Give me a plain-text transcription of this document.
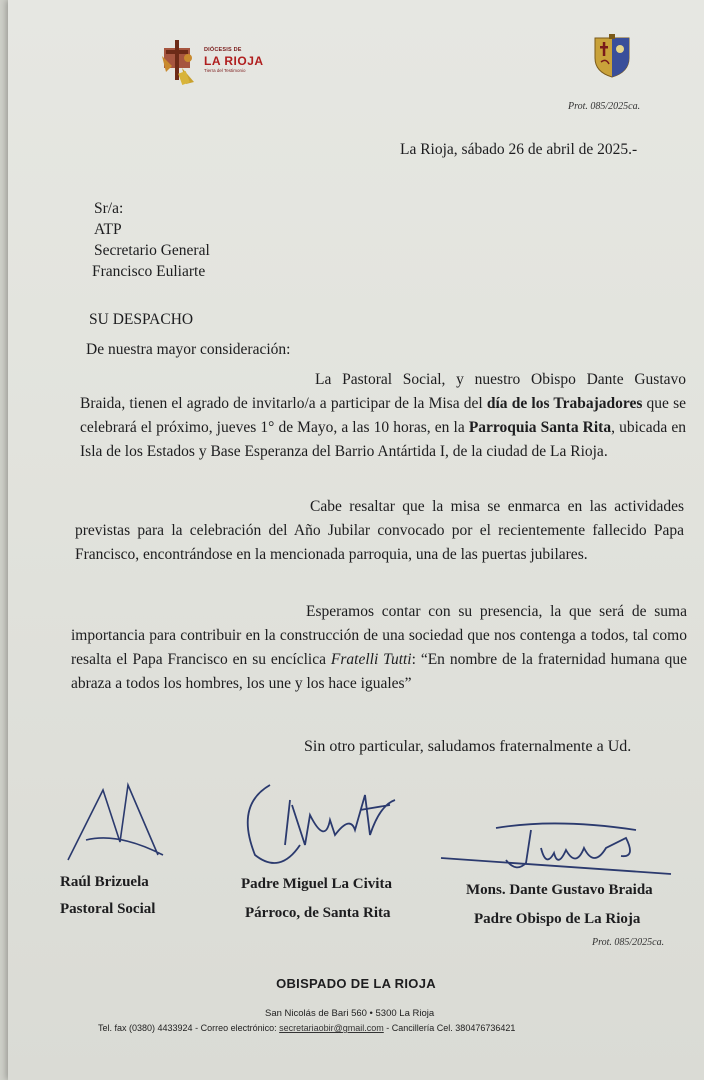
DIÓCESIS DE
LA RIOJA
Tierra del Testimonio
Prot. 085/2025ca.
La Rioja, sábado 26 de abril de 2025.-
Sr/a:
ATP
Secretario General
Francisco Euliarte
SU DESPACHO
De nuestra mayor consideración:
La Pastoral Social, y nuestro Obispo Dante Gustavo Braida, tienen el agrado de invitarlo/a a participar de la Misa del día de los Trabajadores que se celebrará el próximo, jueves 1° de Mayo, a las 10 horas, en la Parroquia Santa Rita, ubicada en Isla de los Estados y Base Esperanza del Barrio Antártida I, de la ciudad de La Rioja.
Cabe resaltar que la misa se enmarca en las actividades previstas para la celebración del Año Jubilar convocado por el recientemente fallecido Papa Francisco, encontrándose en la mencionada parroquia, una de las puertas jubilares.
Esperamos contar con su presencia, la que será de suma importancia para contribuir en la construcción de una sociedad que nos contenga a todos, tal como resalta el Papa Francisco en su encíclica Fratelli Tutti: “En nombre de la fraternidad humana que abraza a todos los hombres, los une y los hace iguales”
Sin otro particular, saludamos fraternalmente a Ud.
Raúl Brizuela
Pastoral Social
Padre Miguel La Civita
Párroco, de Santa Rita
Mons. Dante Gustavo Braida
Padre Obispo de La Rioja
Prot. 085/2025ca.
OBISPADO DE LA RIOJA
San Nicolás de Bari 560 • 5300 La Rioja
Tel. fax (0380) 4433924 - Correo electrónico: secretariaobir@gmail.com - Cancillería Cel. 380476736421
